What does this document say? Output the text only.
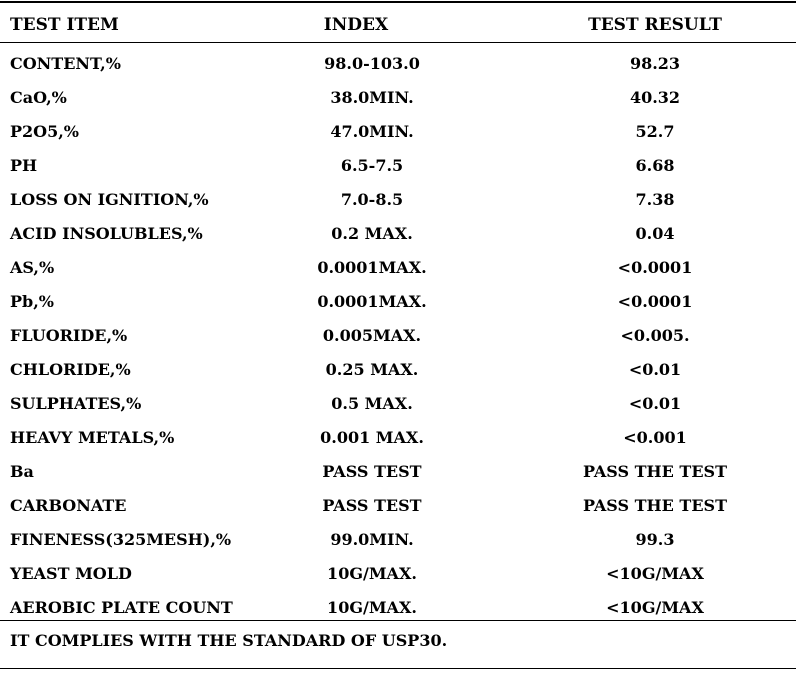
TEST ITEM	INDEX	TEST RESULT
CONTENT,%	98.0-103.0	98.23
CaO,%	38.0MIN.	40.32
P2O5,%	47.0MIN.	52.7
PH	6.5-7.5	6.68
LOSS ON IGNITION,%	7.0-8.5	7.38
ACID INSOLUBLES,%	0.2 MAX.	0.04
AS,%	0.0001MAX.	<0.0001
Pb,%	0.0001MAX.	<0.0001
FLUORIDE,%	0.005MAX.	<0.005.
CHLORIDE,%	0.25 MAX.	<0.01
SULPHATES,%	0.5 MAX.	<0.01
HEAVY METALS,%	0.001 MAX.	<0.001
Ba	PASS TEST	PASS THE TEST
CARBONATE	PASS TEST	PASS THE TEST
FINENESS(325MESH),%	99.0MIN.	99.3
YEAST MOLD	10G/MAX.	<10G/MAX
AEROBIC PLATE COUNT	10G/MAX.	<10G/MAX
IT COMPLIES WITH THE STANDARD OF USP30.
